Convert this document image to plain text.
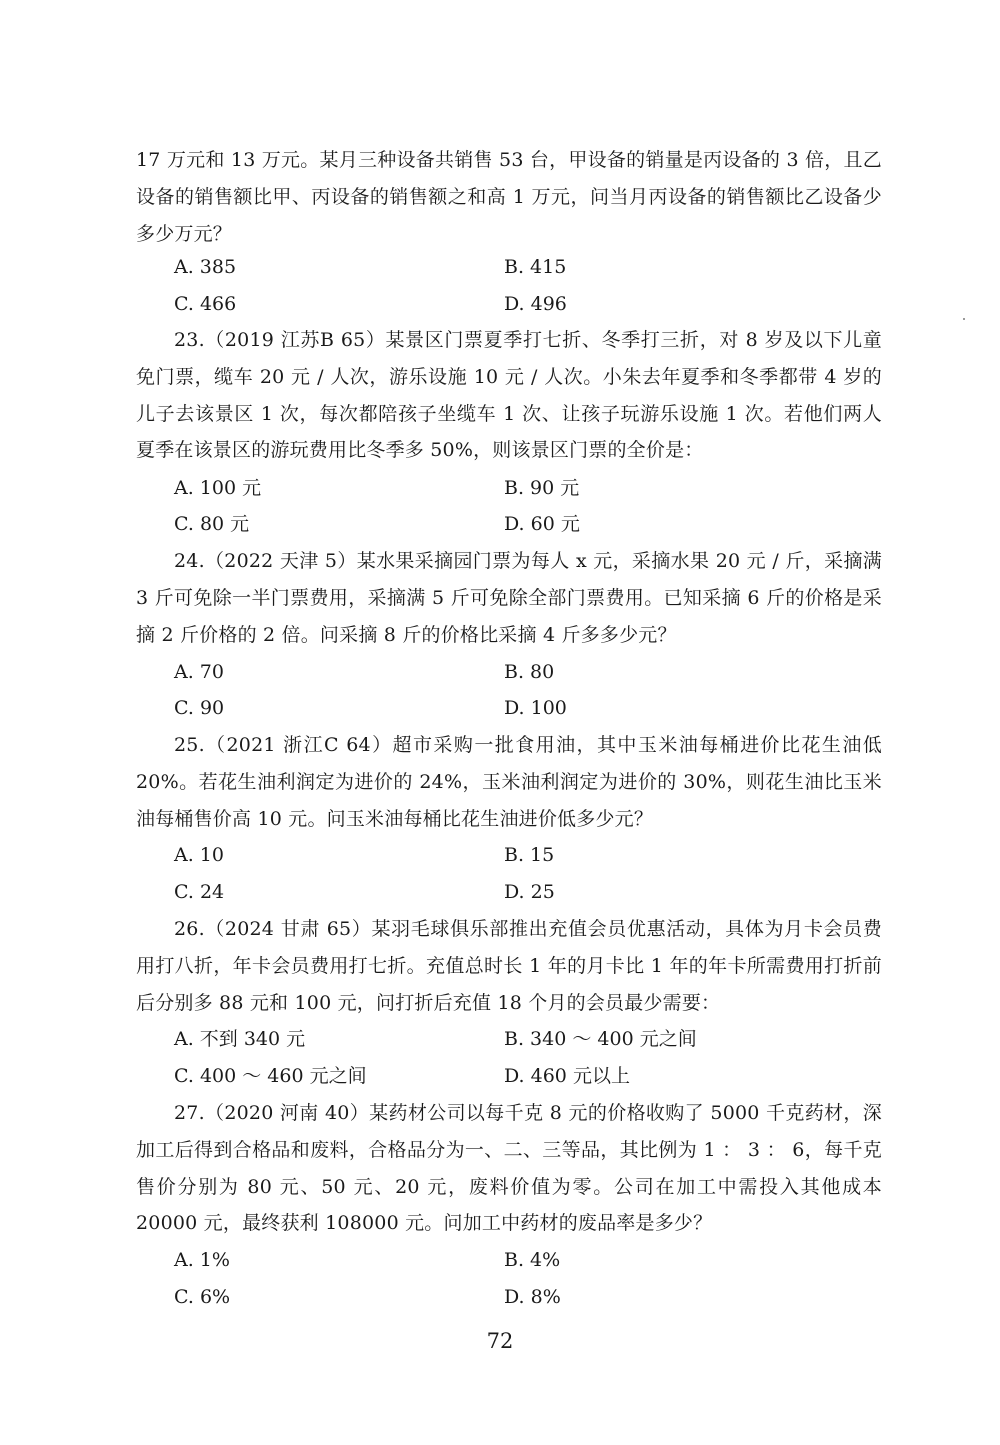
17 万元和 13 万元。某月三种设备共销售 53 台，甲设备的销量是丙设备的 3 倍，且乙设备的销售额比甲、丙设备的销售额之和高 1 万元，问当月丙设备的销售额比乙设备少多少万元？

A. 385	B. 415
C. 466	D. 496

23.（2019 江苏B 65）某景区门票夏季打七折、冬季打三折，对 8 岁及以下儿童免门票，缆车 20 元 / 人次，游乐设施 10 元 / 人次。小朱去年夏季和冬季都带 4 岁的儿子去该景区 1 次，每次都陪孩子坐缆车 1 次、让孩子玩游乐设施 1 次。若他们两人夏季在该景区的游玩费用比冬季多 50%，则该景区门票的全价是：

A. 100 元	B. 90 元
C. 80 元	D. 60 元

24.（2022 天津 5）某水果采摘园门票为每人 x 元，采摘水果 20 元 / 斤，采摘满 3 斤可免除一半门票费用，采摘满 5 斤可免除全部门票费用。已知采摘 6 斤的价格是采摘 2 斤价格的 2 倍。问采摘 8 斤的价格比采摘 4 斤多多少元？

A. 70	B. 80
C. 90	D. 100

25.（2021 浙江C 64）超市采购一批食用油，其中玉米油每桶进价比花生油低 20%。若花生油利润定为进价的 24%，玉米油利润定为进价的 30%，则花生油比玉米油每桶售价高 10 元。问玉米油每桶比花生油进价低多少元？

A. 10	B. 15
C. 24	D. 25

26.（2024 甘肃 65）某羽毛球俱乐部推出充值会员优惠活动，具体为月卡会员费用打八折，年卡会员费用打七折。充值总时长 1 年的月卡比 1 年的年卡所需费用打折前后分别多 88 元和 100 元，问打折后充值 18 个月的会员最少需要：

A. 不到 340 元	B. 340 ～ 400 元之间
C. 400 ～ 460 元之间	D. 460 元以上

27.（2020 河南 40）某药材公司以每千克 8 元的价格收购了 5000 千克药材，深加工后得到合格品和废料，合格品分为一、二、三等品，其比例为 1 ： 3 ： 6，每千克售价分别为 80 元、50 元、20 元，废料价值为零。公司在加工中需投入其他成本 20000 元，最终获利 108000 元。问加工中药材的废品率是多少？

A. 1%	B. 4%
C. 6%	D. 8%
72
